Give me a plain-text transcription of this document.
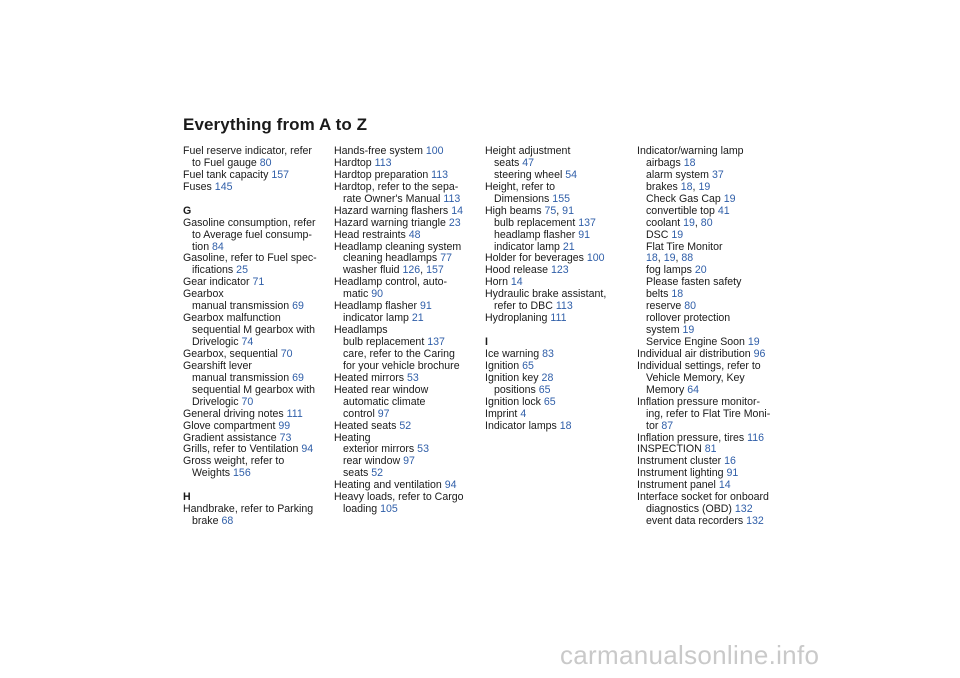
Everything from A to Z
Fuel reserve indicator, refer
to Fuel gauge 80
Fuel tank capacity 157
Fuses 145
G
Gasoline consumption, refer
to Average fuel consump-
tion 84
Gasoline, refer to Fuel spec-
ifications 25
Gear indicator 71
Gearbox
manual transmission 69
Gearbox malfunction
sequential M gearbox with
Drivelogic 74
Gearbox, sequential 70
Gearshift lever
manual transmission 69
sequential M gearbox with
Drivelogic 70
General driving notes 111
Glove compartment 99
Gradient assistance 73
Grills, refer to Ventilation 94
Gross weight, refer to
Weights 156
H
Handbrake, refer to Parking
brake 68
Hands-free system 100
Hardtop 113
Hardtop preparation 113
Hardtop, refer to the sepa-
rate Owner's Manual 113
Hazard warning flashers 14
Hazard warning triangle 23
Head restraints 48
Headlamp cleaning system
cleaning headlamps 77
washer fluid 126, 157
Headlamp control, auto-
matic 90
Headlamp flasher 91
indicator lamp 21
Headlamps
bulb replacement 137
care, refer to the Caring
for your vehicle brochure
Heated mirrors 53
Heated rear window
automatic climate
control 97
Heated seats 52
Heating
exterior mirrors 53
rear window 97
seats 52
Heating and ventilation 94
Heavy loads, refer to Cargo
loading 105
Height adjustment
seats 47
steering wheel 54
Height, refer to
Dimensions 155
High beams 75, 91
bulb replacement 137
headlamp flasher 91
indicator lamp 21
Holder for beverages 100
Hood release 123
Horn 14
Hydraulic brake assistant,
refer to DBC 113
Hydroplaning 111
I
Ice warning 83
Ignition 65
Ignition key 28
positions 65
Ignition lock 65
Imprint 4
Indicator lamps 18
Indicator/warning lamp
airbags 18
alarm system 37
brakes 18, 19
Check Gas Cap 19
convertible top 41
coolant 19, 80
DSC 19
Flat Tire Monitor
18, 19, 88
fog lamps 20
Please fasten safety
belts 18
reserve 80
rollover protection
system 19
Service Engine Soon 19
Individual air distribution 96
Individual settings, refer to
Vehicle Memory, Key
Memory 64
Inflation pressure monitor-
ing, refer to Flat Tire Moni-
tor 87
Inflation pressure, tires 116
INSPECTION 81
Instrument cluster 16
Instrument lighting 91
Instrument panel 14
Interface socket for onboard
diagnostics (OBD) 132
event data recorders 132
carmanualsonline.info
